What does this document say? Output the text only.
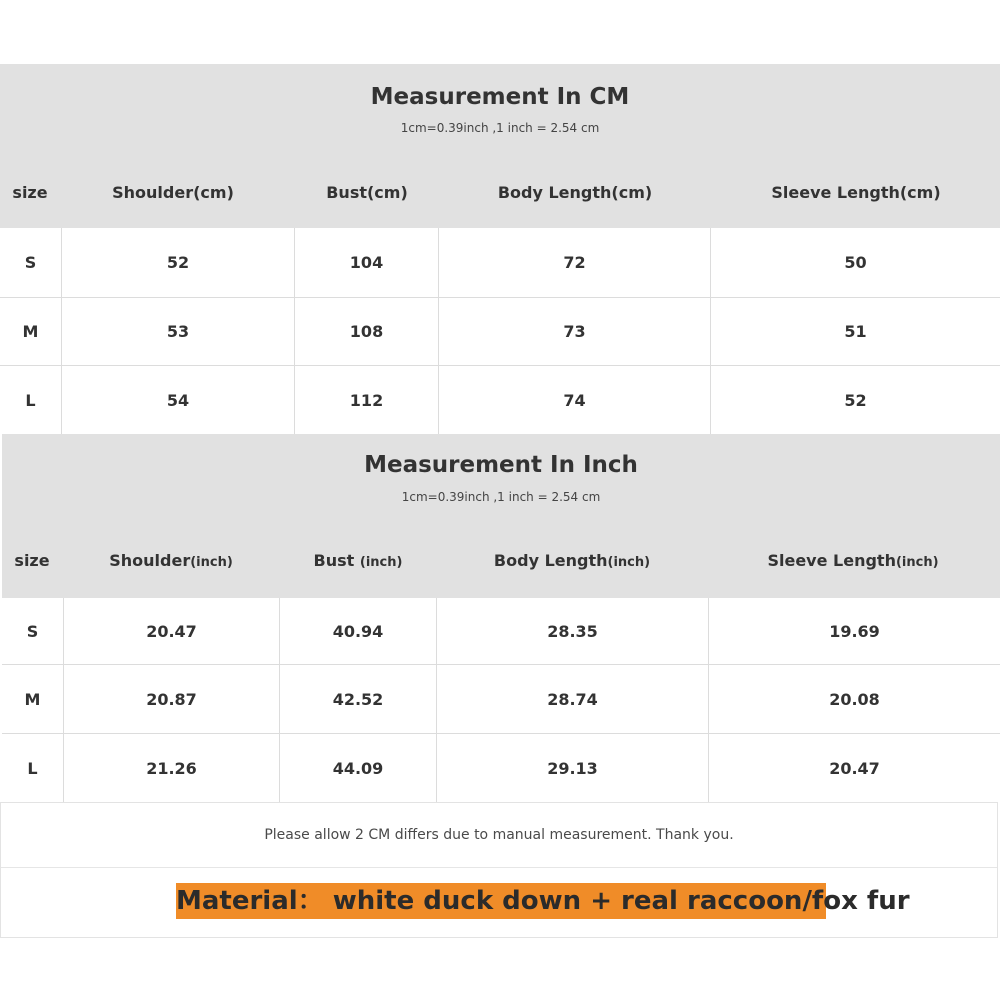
Measurement In CM
1cm=0.39inch ,1 inch = 2.54 cm
size	Shoulder(cm)	Bust(cm)	Body Length(cm)	Sleeve Length(cm)
S	52	104	72	50
M	53	108	73	51
L	54	112	74	52
Measurement In Inch
1cm=0.39inch ,1 inch = 2.54 cm
size	Shoulder(inch)	Bust (inch)	Body Length(inch)	Sleeve Length(inch)
S	20.47	40.94	28.35	19.69
M	20.87	42.52	28.74	20.08
L	21.26	44.09	29.13	20.47
Please allow 2 CM differs due to manual measurement. Thank you.
Material： white duck down + real raccoon/fox fur
